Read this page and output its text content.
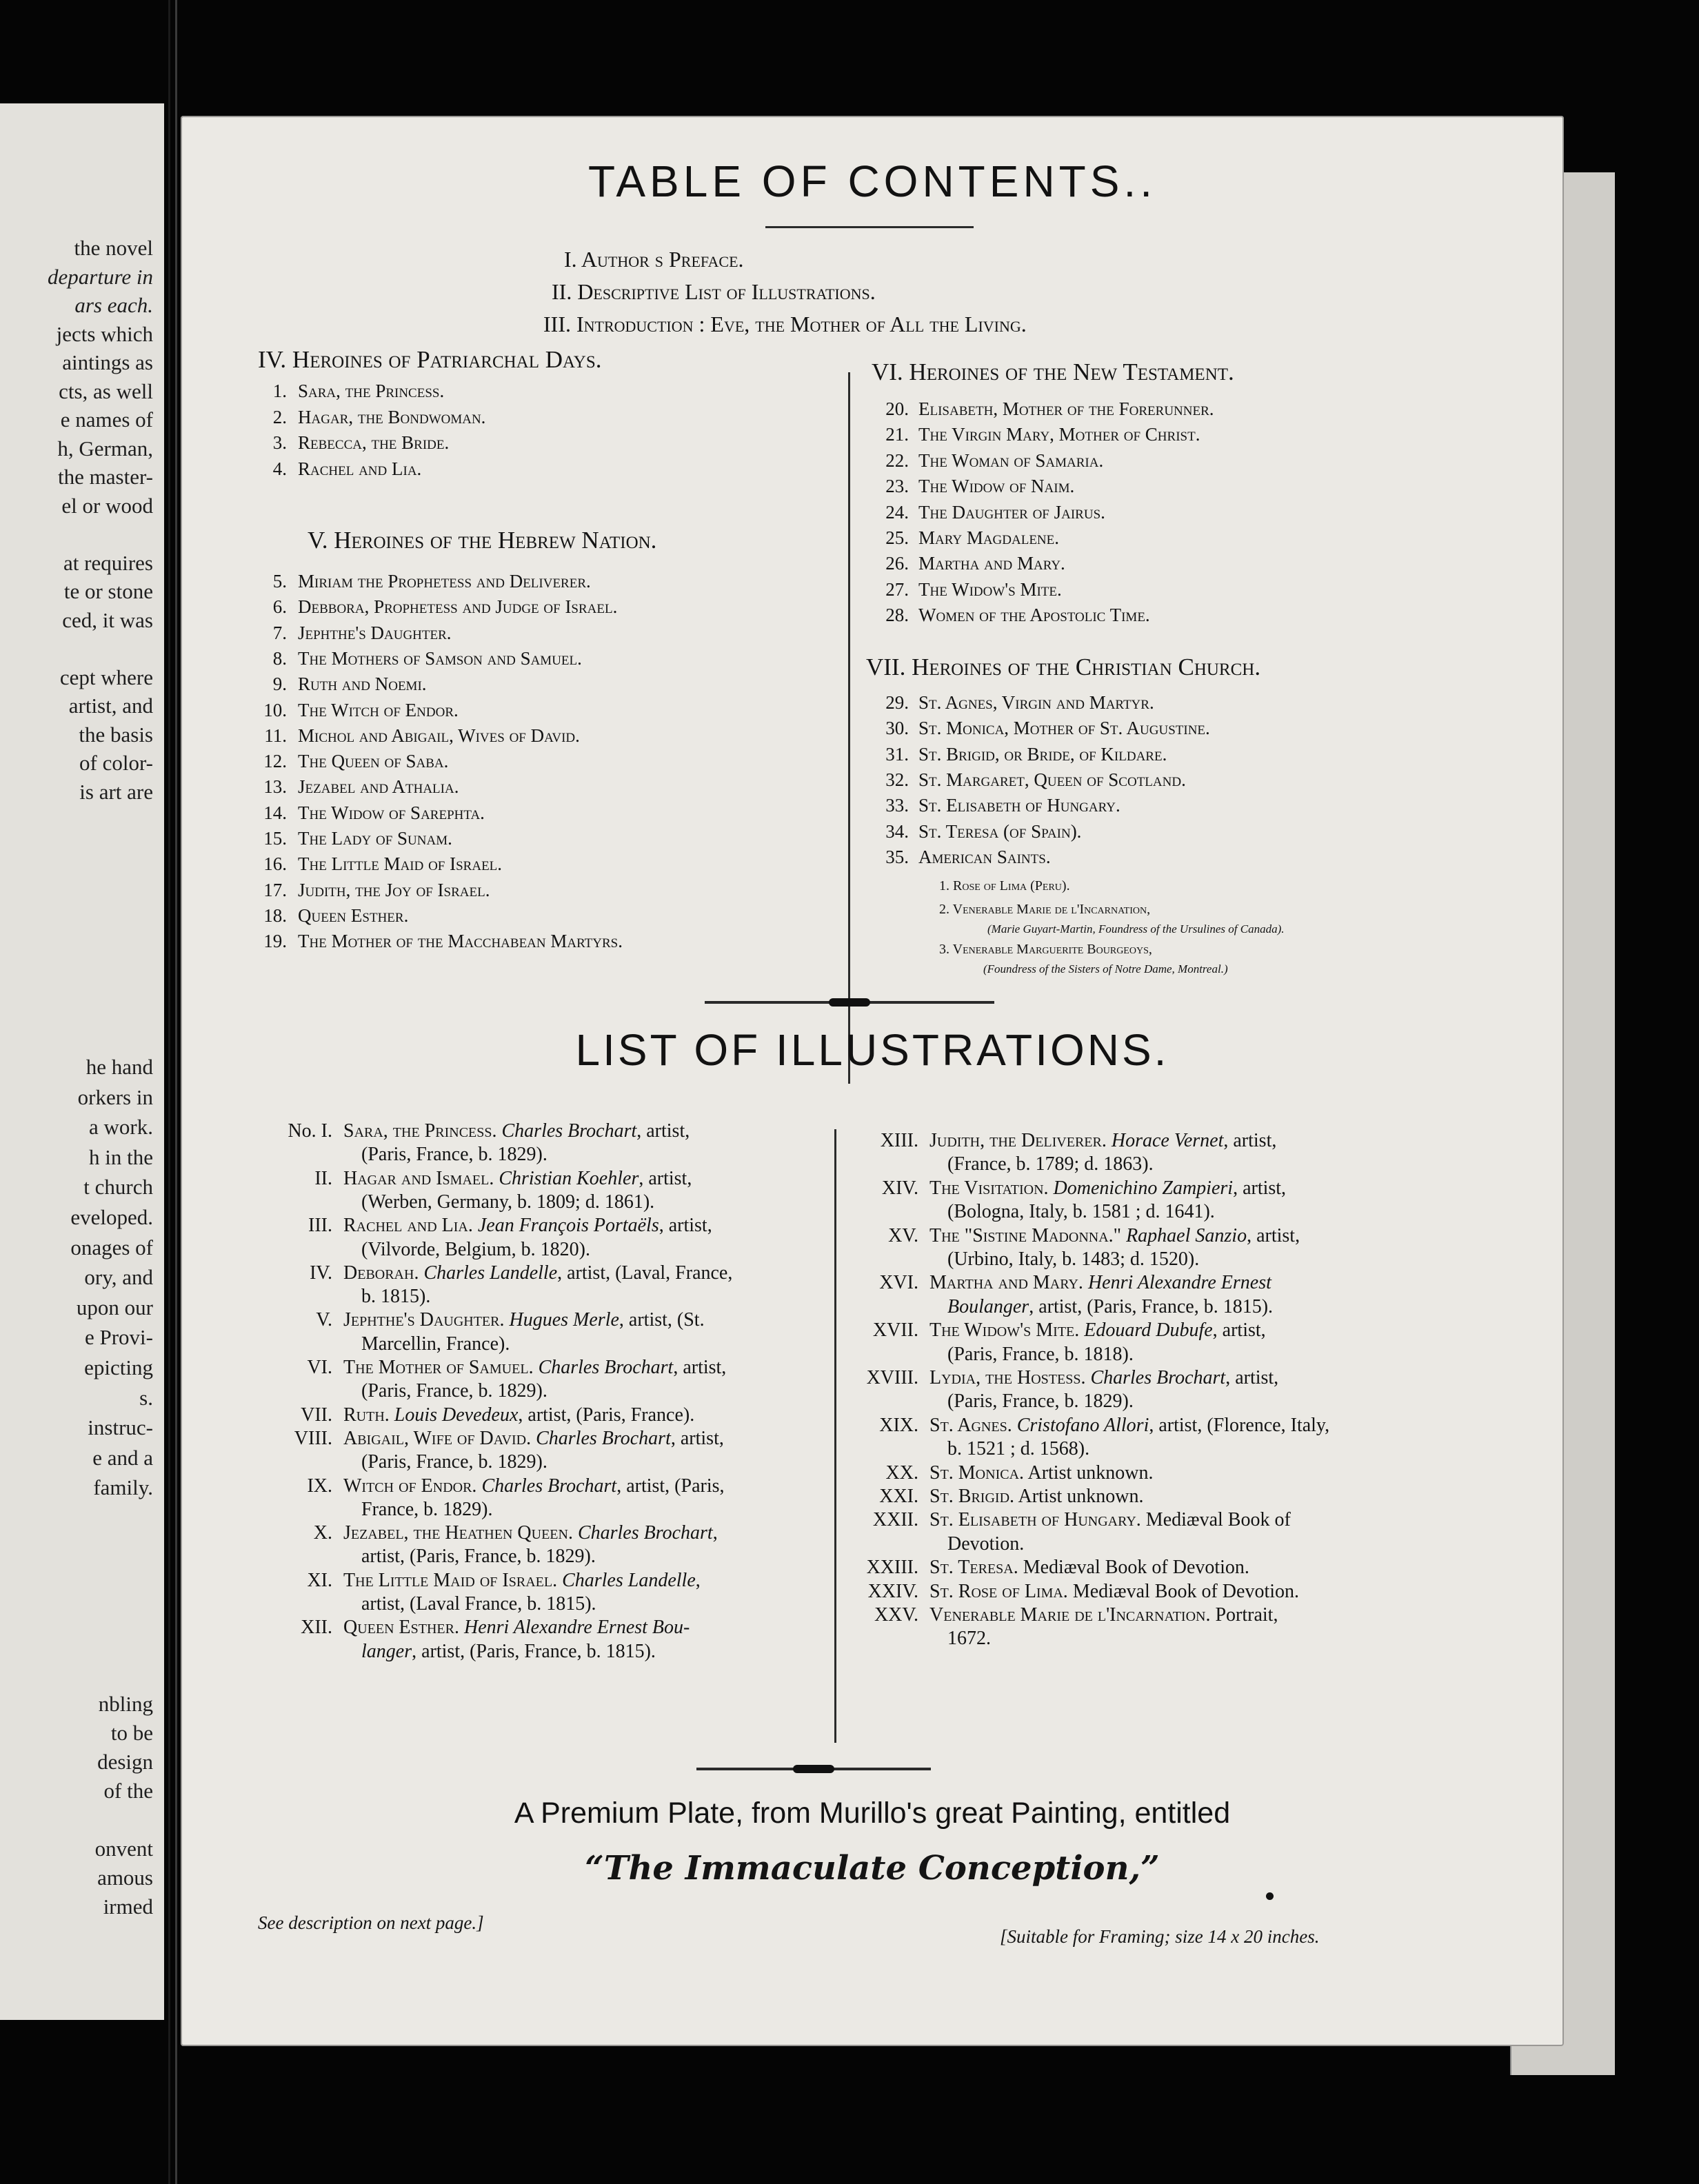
the novel
departure in
ars each.
jects which
aintings as
cts, as well
e names of
h, German,
the master-
el or wood
at requires
te or stone
ced, it was
cept where
artist, and
the basis
of color-
is art are
he hand
orkers in
a work.
h in the
t church
eveloped.
onages of
ory, and
upon our
e Provi-
epicting
s.
instruc-
e and a
family.
nbling
to be
design
of the
onvent
amous
irmed
TABLE OF CONTENTS..
I. Author s Preface.
II. Descriptive List of Illustrations.
III. Introduction : Eve, the Mother of All the Living.
IV. Heroines of Patriarchal Days.
1. Sara, the Princess.
2. Hagar, the Bondwoman.
3. Rebecca, the Bride.
4. Rachel and Lia.
V. Heroines of the Hebrew Nation.
5. Miriam the Prophetess and Deliverer.
6. Debbora, Prophetess and Judge of Israel.
7. Jephthe's Daughter.
8. The Mothers of Samson and Samuel.
9. Ruth and Noemi.
10. The Witch of Endor.
11. Michol and Abigail, Wives of David.
12. The Queen of Saba.
13. Jezabel and Athalia.
14. The Widow of Sarephta.
15. The Lady of Sunam.
16. The Little Maid of Israel.
17. Judith, the Joy of Israel.
18. Queen Esther.
19. The Mother of the Macchabean Martyrs.
VI. Heroines of the New Testament.
20. Elisabeth, Mother of the Forerunner.
21. The Virgin Mary, Mother of Christ.
22. The Woman of Samaria.
23. The Widow of Naim.
24. The Daughter of Jairus.
25. Mary Magdalene.
26. Martha and Mary.
27. The Widow's Mite.
28. Women of the Apostolic Time.
VII. Heroines of the Christian Church.
29. St. Agnes, Virgin and Martyr.
30. St. Monica, Mother of St. Augustine.
31. St. Brigid, or Bride, of Kildare.
32. St. Margaret, Queen of Scotland.
33. St. Elisabeth of Hungary.
34. St. Teresa (of Spain).
35. American Saints.
1. Rose of Lima (Peru).
2. Venerable Marie de l'Incarnation,
(Marie Guyart-Martin, Foundress of the Ursulines of Canada).
3. Venerable Marguerite Bourgeoys,
(Foundress of the Sisters of Notre Dame, Montreal.)
LIST OF ILLUSTRATIONS.
No. I. Sara, the Princess. Charles Brochart, artist,
(Paris, France, b. 1829).
II. Hagar and Ismael. Christian Koehler, artist,
(Werben, Germany, b. 1809; d. 1861).
III. Rachel and Lia. Jean François Portaëls, artist,
(Vilvorde, Belgium, b. 1820).
IV. Deborah. Charles Landelle, artist, (Laval, France,
b. 1815).
V. Jephthe's Daughter. Hugues Merle, artist, (St.
Marcellin, France).
VI. The Mother of Samuel. Charles Brochart, artist,
(Paris, France, b. 1829).
VII. Ruth. Louis Devedeux, artist, (Paris, France).
VIII. Abigail, Wife of David. Charles Brochart, artist,
(Paris, France, b. 1829).
IX. Witch of Endor. Charles Brochart, artist, (Paris,
France, b. 1829).
X. Jezabel, the Heathen Queen. Charles Brochart,
artist, (Paris, France, b. 1829).
XI. The Little Maid of Israel. Charles Landelle,
artist, (Laval France, b. 1815).
XII. Queen Esther. Henri Alexandre Ernest Bou-
langer, artist, (Paris, France, b. 1815).
XIII. Judith, the Deliverer. Horace Vernet, artist,
(France, b. 1789; d. 1863).
XIV. The Visitation. Domenichino Zampieri, artist,
(Bologna, Italy, b. 1581 ; d. 1641).
XV. The "Sistine Madonna." Raphael Sanzio, artist,
(Urbino, Italy, b. 1483; d. 1520).
XVI. Martha and Mary. Henri Alexandre Ernest
Boulanger, artist, (Paris, France, b. 1815).
XVII. The Widow's Mite. Edouard Dubufe, artist,
(Paris, France, b. 1818).
XVIII. Lydia, the Hostess. Charles Brochart, artist,
(Paris, France, b. 1829).
XIX. St. Agnes. Cristofano Allori, artist, (Florence, Italy,
b. 1521 ; d. 1568).
XX. St. Monica. Artist unknown.
XXI. St. Brigid. Artist unknown.
XXII. St. Elisabeth of Hungary. Mediæval Book of
Devotion.
XXIII. St. Teresa. Mediæval Book of Devotion.
XXIV. St. Rose of Lima. Mediæval Book of Devotion.
XXV. Venerable Marie de l'Incarnation. Portrait,
1672.
A Premium Plate, from Murillo's great Painting, entitled
“The Immaculate Conception,”
See description on next page.]
[Suitable for Framing; size 14 x 20 inches.
